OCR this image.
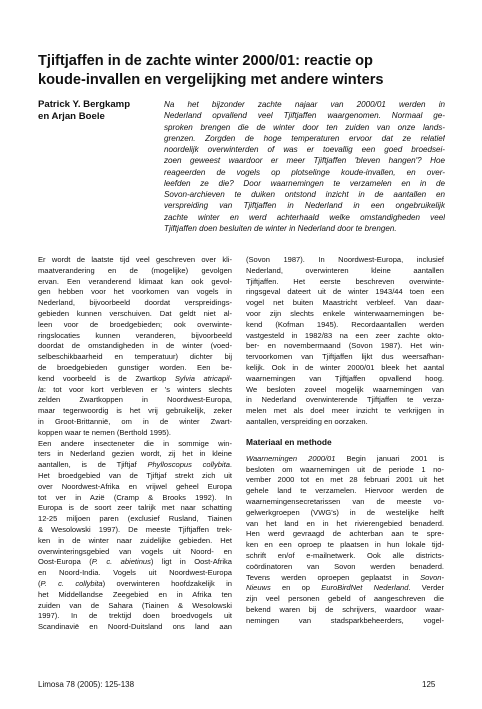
Tjiftjaffen in de zachte winter 2000/01: reactie op
koude-invallen en vergelijking met andere winters
Patrick Y. Bergkamp
en Arjan Boele
Na het bijzonder zachte najaar van 2000/01 werden in
Nederland opvallend veel Tjiftjaffen waargenomen. Normaal ge-
sproken brengen die de winter door ten zuiden van onze lands-
grenzen. Zorgden de hoge temperaturen ervoor dat ze relatief
noordelijk overwinterden of was er toevallig een goed broedsei-
zoen geweest waardoor er meer Tjiftjaffen 'bleven hangen'? Hoe
reageerden de vogels op plotselinge koude-invallen, en over-
leefden ze die? Door waarnemingen te verzamelen en in de
Sovon-archieven te duiken ontstond inzicht in de aantallen en
verspreiding van Tjiftjaffen in Nederland in een ongebruikelijk
zachte winter en werd achterhaald welke omstandigheden veel
Tjiftjaffen doen besluiten de winter in Nederland door te brengen.
Er wordt de laatste tijd veel geschreven over kli-
maatverandering en de (mogelijke) gevolgen
ervan. Een veranderend klimaat kan ook gevol-
gen hebben voor het voorkomen van vogels in
Nederland, bijvoorbeeld doordat verspreidings-
gebieden kunnen verschuiven. Dat geldt niet al-
leen voor de broedgebieden; ook overwinte-
ringslocaties kunnen veranderen, bijvoorbeeld
doordat de omstandigheden in de winter (voed-
selbeschikbaarheid en temperatuur) dichter bij
de broedgebieden gunstiger worden. Een be-
kend voorbeeld is de Zwartkop Sylvia atricapil-
la: tot voor kort verbleven er 's winters slechts
zelden Zwartkoppen in Noordwest-Europa,
maar tegenwoordig is het vrij gebruikelijk, zeker
in Groot-Brittannië, om in de winter Zwart-
koppen waar te nemen (Berthold 1995).
Een andere insecteneter die in sommige win-
ters in Nederland gezien wordt, zij het in kleine
aantallen, is de Tjiftjaf Phylloscopus collybita.
Het broedgebied van de Tjiftjaf strekt zich uit
over Noordwest-Afrika en vrijwel geheel Europa
tot ver in Azië (Cramp & Brooks 1992). In
Europa is de soort zeer talrijk met naar schatting
12-25 miljoen paren (exclusief Rusland, Tiainen
& Wesolowski 1997). De meeste Tjiftjaffen trek-
ken in de winter naar zuidelijke gebieden. Het
overwinteringsgebied van vogels uit Noord- en
Oost-Europa (P. c. abietinus) ligt in Oost-Afrika
en Noord-India. Vogels uit Noordwest-Europa
(P. c. collybita) overwinteren hoofdzakelijk in
het Middellandse Zeegebied en in Afrika ten
zuiden van de Sahara (Tiainen & Wesolowski
1997). In de trektijd doen broedvogels uit
Scandinavië en Noord-Duitsland ons land aan
(Sovon 1987). In Noordwest-Europa, inclusief
Nederland, overwinteren kleine aantallen
Tjiftjaffen. Het eerste beschreven overwinte-
ringsgeval dateert uit de winter 1943/44 toen een
vogel net buiten Maastricht verbleef. Van daar-
voor zijn slechts enkele winterwaarnemingen be-
kend (Kofman 1945). Recordaantallen werden
vastgesteld in 1982/83 na een zeer zachte okto-
ber- en novembermaand (Sovon 1987). Het win-
tervoorkomen van Tjiftjaffen lijkt dus weersafhan-
kelijk. Ook in de winter 2000/01 bleek het aantal
waarnemingen van Tjiftjaffen opvallend hoog.
We besloten zoveel mogelijk waarnemingen van
in Nederland overwinterende Tjiftjaffen te verza-
melen met als doel meer inzicht te verkrijgen in
aantallen, verspreiding en oorzaken.
Materiaal en methode
Waarnemingen 2000/01 Begin januari 2001 is
besloten om waarnemingen uit de periode 1 no-
vember 2000 tot en met 28 februari 2001 uit het
gehele land te verzamelen. Hiervoor werden de
waarnemingensecretarissen van de meeste vo-
gelwerkgroepen (VWG's) in de westelijke helft
van het land en in het rivierengebied benaderd.
Hen werd gevraagd de achterban aan te spre-
ken en een oproep te plaatsen in hun lokale tijd-
schrift en/of e-mailnetwerk. Ook alle districts-
coördinatoren van Sovon werden benaderd.
Tevens werden oproepen geplaatst in Sovon-
Nieuws en op EuroBirdNet Nederland. Verder
zijn veel personen gebeld of aangeschreven die
bekend waren bij de schrijvers, waardoor waar-
nemingen van stadsparkbeheerders, vogel-
Limosa 78 (2005): 125-138	125
